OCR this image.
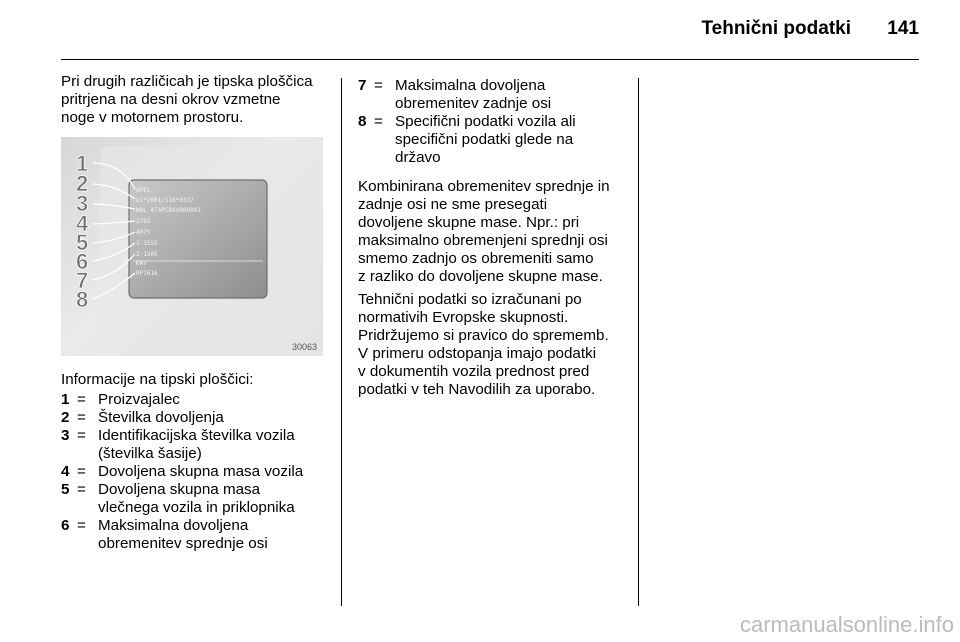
Tehnični podatki 141
Pri drugih različicah je tipska ploščica
pritrjena na desni okrov vzmetne
noge v motornem prostoru.
OPEL
e1*2001/116*0337
W0L 4T4PCBXV000001
2765
4075
1-1555
2-1505
KAV
RP1616
1
2
3
4
5
6
7
8
30063
Informacije na tipski ploščici:
1 = Proizvajalec
2 = Številka dovoljenja
3 = Identifikacijska številka vozila
(številka šasije)
4 = Dovoljena skupna masa vozila
5 = Dovoljena skupna masa
vlečnega vozila in priklopnika
6 = Maksimalna dovoljena
obremenitev sprednje osi
7 = Maksimalna dovoljena
obremenitev zadnje osi
8 = Specifični podatki vozila ali
specifični podatki glede na
državo
Kombinirana obremenitev sprednje in
zadnje osi ne sme presegati
dovoljene skupne mase. Npr.: pri
maksimalno obremenjeni sprednji osi
smemo zadnjo os obremeniti samo
z razliko do dovoljene skupne mase.
Tehnični podatki so izračunani po
normativih Evropske skupnosti.
Pridržujemo si pravico do sprememb.
V primeru odstopanja imajo podatki
v dokumentih vozila prednost pred
podatki v teh Navodilih za uporabo.
carmanualsonline.info
